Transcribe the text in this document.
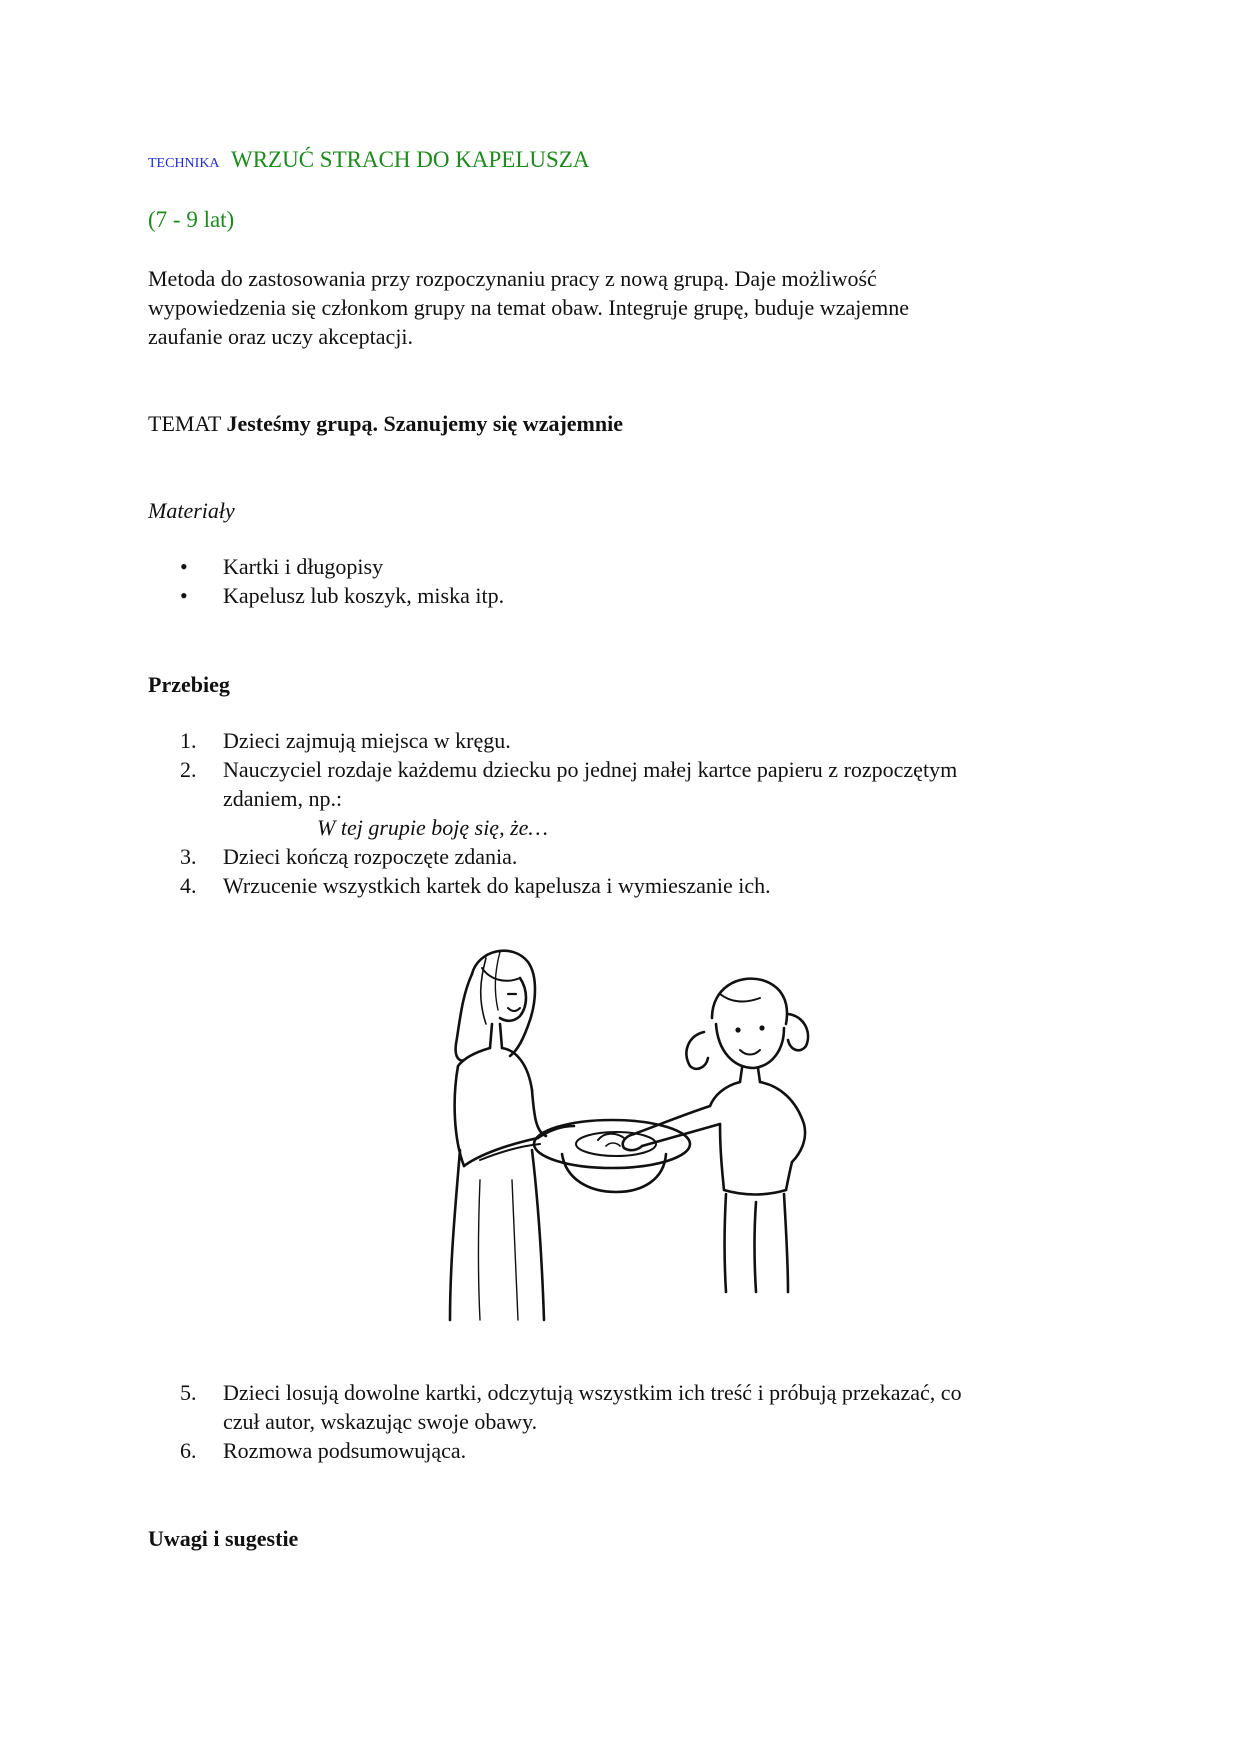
TECHNIKA WRZUĆ STRACH DO KAPELUSZA
(7 - 9 lat)
Metoda do zastosowania przy rozpoczynaniu pracy z nową grupą. Daje możliwość
wypowiedzenia się członkom grupy na temat obaw. Integruje grupę, buduje wzajemne
zaufanie oraz uczy akceptacji.
TEMAT Jesteśmy grupą. Szanujemy się wzajemnie
Materiały
•	Kartki i długopisy
•	Kapelusz lub koszyk, miska itp.
Przebieg
1.	Dzieci zajmują miejsca w kręgu.
2.	Nauczyciel rozdaje każdemu dziecku po jednej małej kartce papieru z rozpoczętym
zdaniem, np.:
W tej grupie boję się, że…
3.	Dzieci kończą rozpoczęte zdania.
4.	Wrzucenie wszystkich kartek do kapelusza i wymieszanie ich.
5.	Dzieci losują dowolne kartki, odczytują wszystkim ich treść i próbują przekazać, co
czuł autor, wskazując swoje obawy.
6.	Rozmowa podsumowująca.
Uwagi i sugestie
